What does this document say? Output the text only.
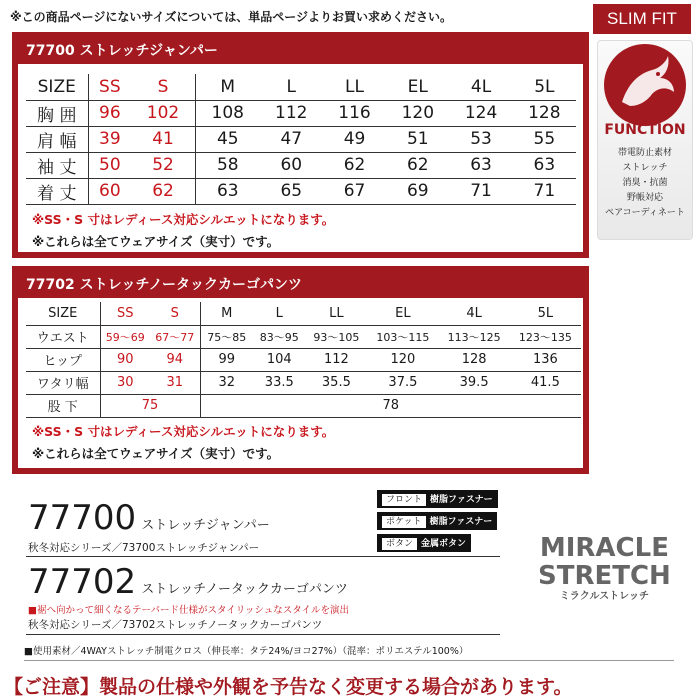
※この商品ページにないサイズについては、単品ページよりお買い求めください。	SLIM FIT
FUNCTION
帯電防止素材
ストレッチ
消臭・抗菌
野帳対応
ペアコーディネート
77700 ストレッチジャンパー
SIZE	SS	S	M	L	LL	EL	4L	5L
胸 囲	96	102	108	112	116	120	124	128
肩 幅	39	41	45	47	49	51	53	55
袖 丈	50	52	58	60	62	62	63	63
着 丈	60	62	63	65	67	69	71	71
※SS・S 寸はレディース対応シルエットになります。
※これらは全てウェアサイズ（実寸）です。
77702 ストレッチノータックカーゴパンツ
SIZE	SS	S	M	L	LL	EL	4L	5L
ウエスト	59～69	67～77	75～85	83～95	93～105	103～115	113～125	123～135
ヒップ	90	94	99	104	112	120	128	136
ワタリ幅	30	31	32	33.5	35.5	37.5	39.5	41.5
股 下	75		78					
※SS・S 寸はレディース対応シルエットになります。
※これらは全てウェアサイズ（実寸）です。
77700 ストレッチジャンパー
秋冬対応シリーズ／73700ストレッチジャンパー
フロント 樹脂ファスナー
ポケット 樹脂ファスナー
ボタン 金属ボタン
77702 ストレッチノータックカーゴパンツ
■裾へ向かって細くなるテーパード仕様がスタイリッシュなスタイルを演出
秋冬対応シリーズ／73702ストレッチノータックカーゴパンツ
■使用素材／4WAYストレッチ制電クロス（伸長率：タテ24%/ヨコ27%）（混率：ポリエステル100%）
MIRACLE
STRETCH
ミラクルストレッチ
【ご注意】製品の仕様や外観を予告なく変更する場合があります。
